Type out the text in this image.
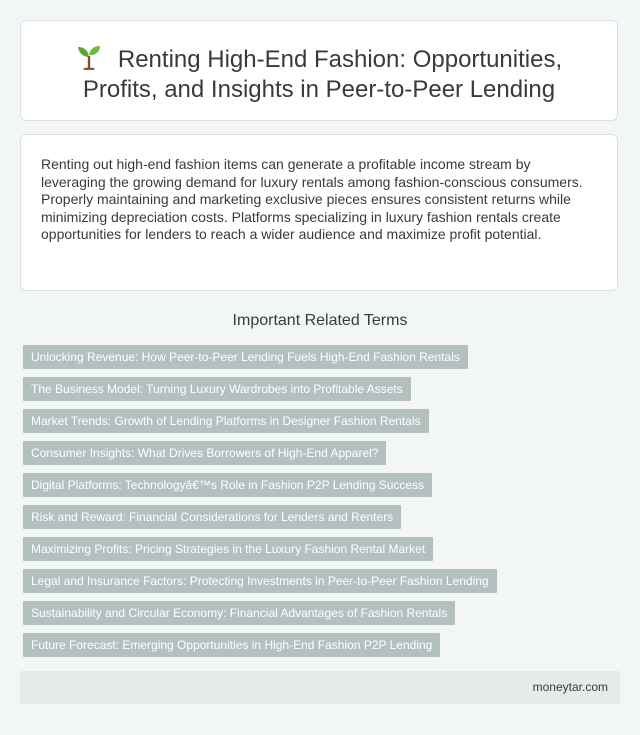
Renting High-End Fashion: Opportunities,
Profits, and Insights in Peer-to-Peer Lending

Renting out high-end fashion items can generate a profitable income stream by leveraging the growing demand for luxury rentals among fashion-conscious consumers. Properly maintaining and marketing exclusive pieces ensures consistent returns while minimizing depreciation costs. Platforms specializing in luxury fashion rentals create opportunities for lenders to reach a wider audience and maximize profit potential.

Important Related Terms
Unlocking Revenue: How Peer-to-Peer Lending Fuels High-End Fashion Rentals
The Business Model: Turning Luxury Wardrobes into Profitable Assets
Market Trends: Growth of Lending Platforms in Designer Fashion Rentals
Consumer Insights: What Drives Borrowers of High-End Apparel?
Digital Platforms: Technologyâ€™s Role in Fashion P2P Lending Success
Risk and Reward: Financial Considerations for Lenders and Renters
Maximizing Profits: Pricing Strategies in the Luxury Fashion Rental Market
Legal and Insurance Factors: Protecting Investments in Peer-to-Peer Fashion Lending
Sustainability and Circular Economy: Financial Advantages of Fashion Rentals
Future Forecast: Emerging Opportunities in High-End Fashion P2P Lending
moneytar.com
